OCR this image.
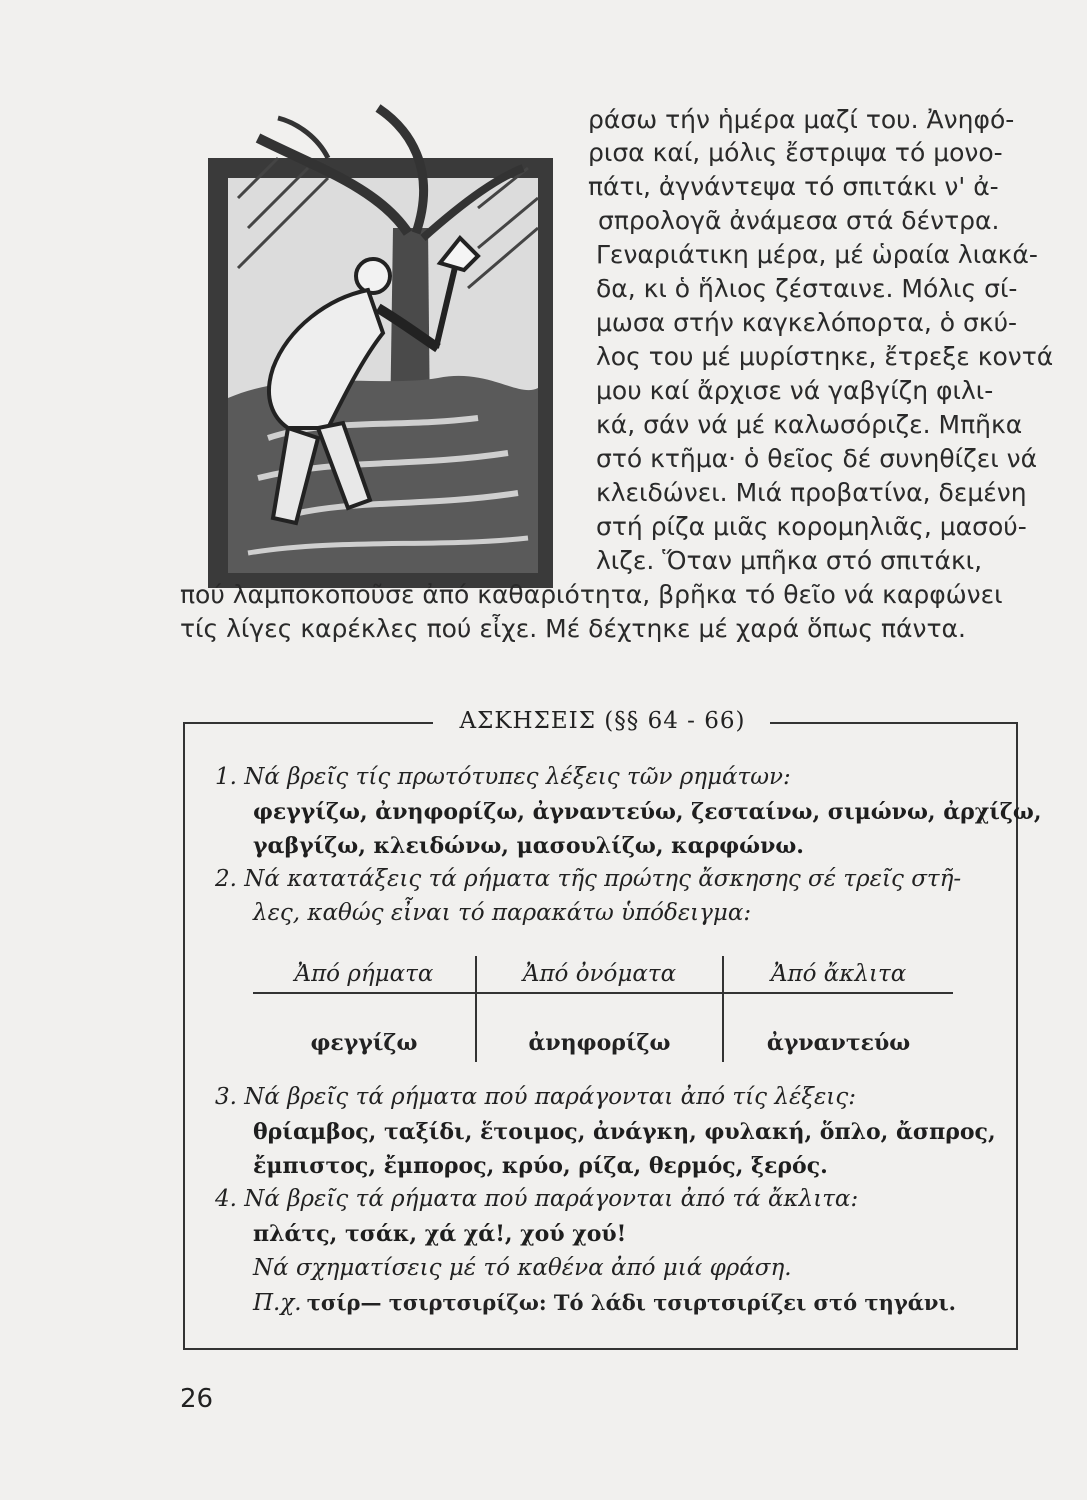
ράσω τήν ἡμέρα μαζί του. Ἀνηφό-
ρισα καί, μόλις ἔστριψα τό μονο-
πάτι, ἀγνάντεψα τό σπιτάκι ν' ἀ-
σπρολογᾶ ἀνάμεσα στά δέντρα.
Γεναριάτικη μέρα, μέ ὡραία λιακά-
δα, κι ὁ ἥλιος ζέσταινε. Μόλις σί-
μωσα στήν καγκελόπορτα, ὁ σκύ-
λος του μέ μυρίστηκε, ἔτρεξε κοντά
μου καί ἄρχισε νά γαβγίζη φιλι-
κά, σάν νά μέ καλωσόριζε. Μπῆκα
στό κτῆμα· ὁ θεῖος δέ συνηθίζει νά
κλειδώνει. Μιά προβατίνα, δεμένη
στή ρίζα μιᾶς κορομηλιᾶς, μασού-
λιζε. Ὅταν μπῆκα στό σπιτάκι,
πού λαμποκοποῦσε ἀπό καθαριότητα, βρῆκα τό θεῖο νά καρφώνει
τίς λίγες καρέκλες πού εἶχε. Μέ δέχτηκε μέ χαρά ὅπως πάντα.
ΑΣΚΗΣΕΙΣ (§§ 64 - 66)
1. Νά βρεῖς τίς πρωτότυπες λέξεις τῶν ρημάτων:
φεγγίζω, ἀνηφορίζω, ἀγναντεύω, ζεσταίνω, σιμώνω, ἀρχίζω,
γαβγίζω, κλειδώνω, μασουλίζω, καρφώνω.
2. Νά κατατάξεις τά ρήματα τῆς πρώτης ἄσκησης σέ τρεῖς στῆ-
λες, καθώς εἶναι τό παρακάτω ὑπόδειγμα:
Ἀπό ρήματα	Ἀπό ὀνόματα	Ἀπό ἄκλιτα
φεγγίζω	ἀνηφορίζω	ἀγναντεύω
3. Νά βρεῖς τά ρήματα πού παράγονται ἀπό τίς λέξεις:
θρίαμβος, ταξίδι, ἕτοιμος, ἀνάγκη, φυλακή, ὅπλο, ἄσπρος,
ἔμπιστος, ἔμπορος, κρύο, ρίζα, θερμός, ξερός.
4. Νά βρεῖς τά ρήματα πού παράγονται ἀπό τά ἄκλιτα:
πλάτς, τσάκ, χά χά!, χού χού!
Νά σχηματίσεις μέ τό καθένα ἀπό μιά φράση.
Π.χ. τσίρ— τσιρτσιρίζω: Τό λάδι τσιρτσιρίζει στό τηγάνι.
26
